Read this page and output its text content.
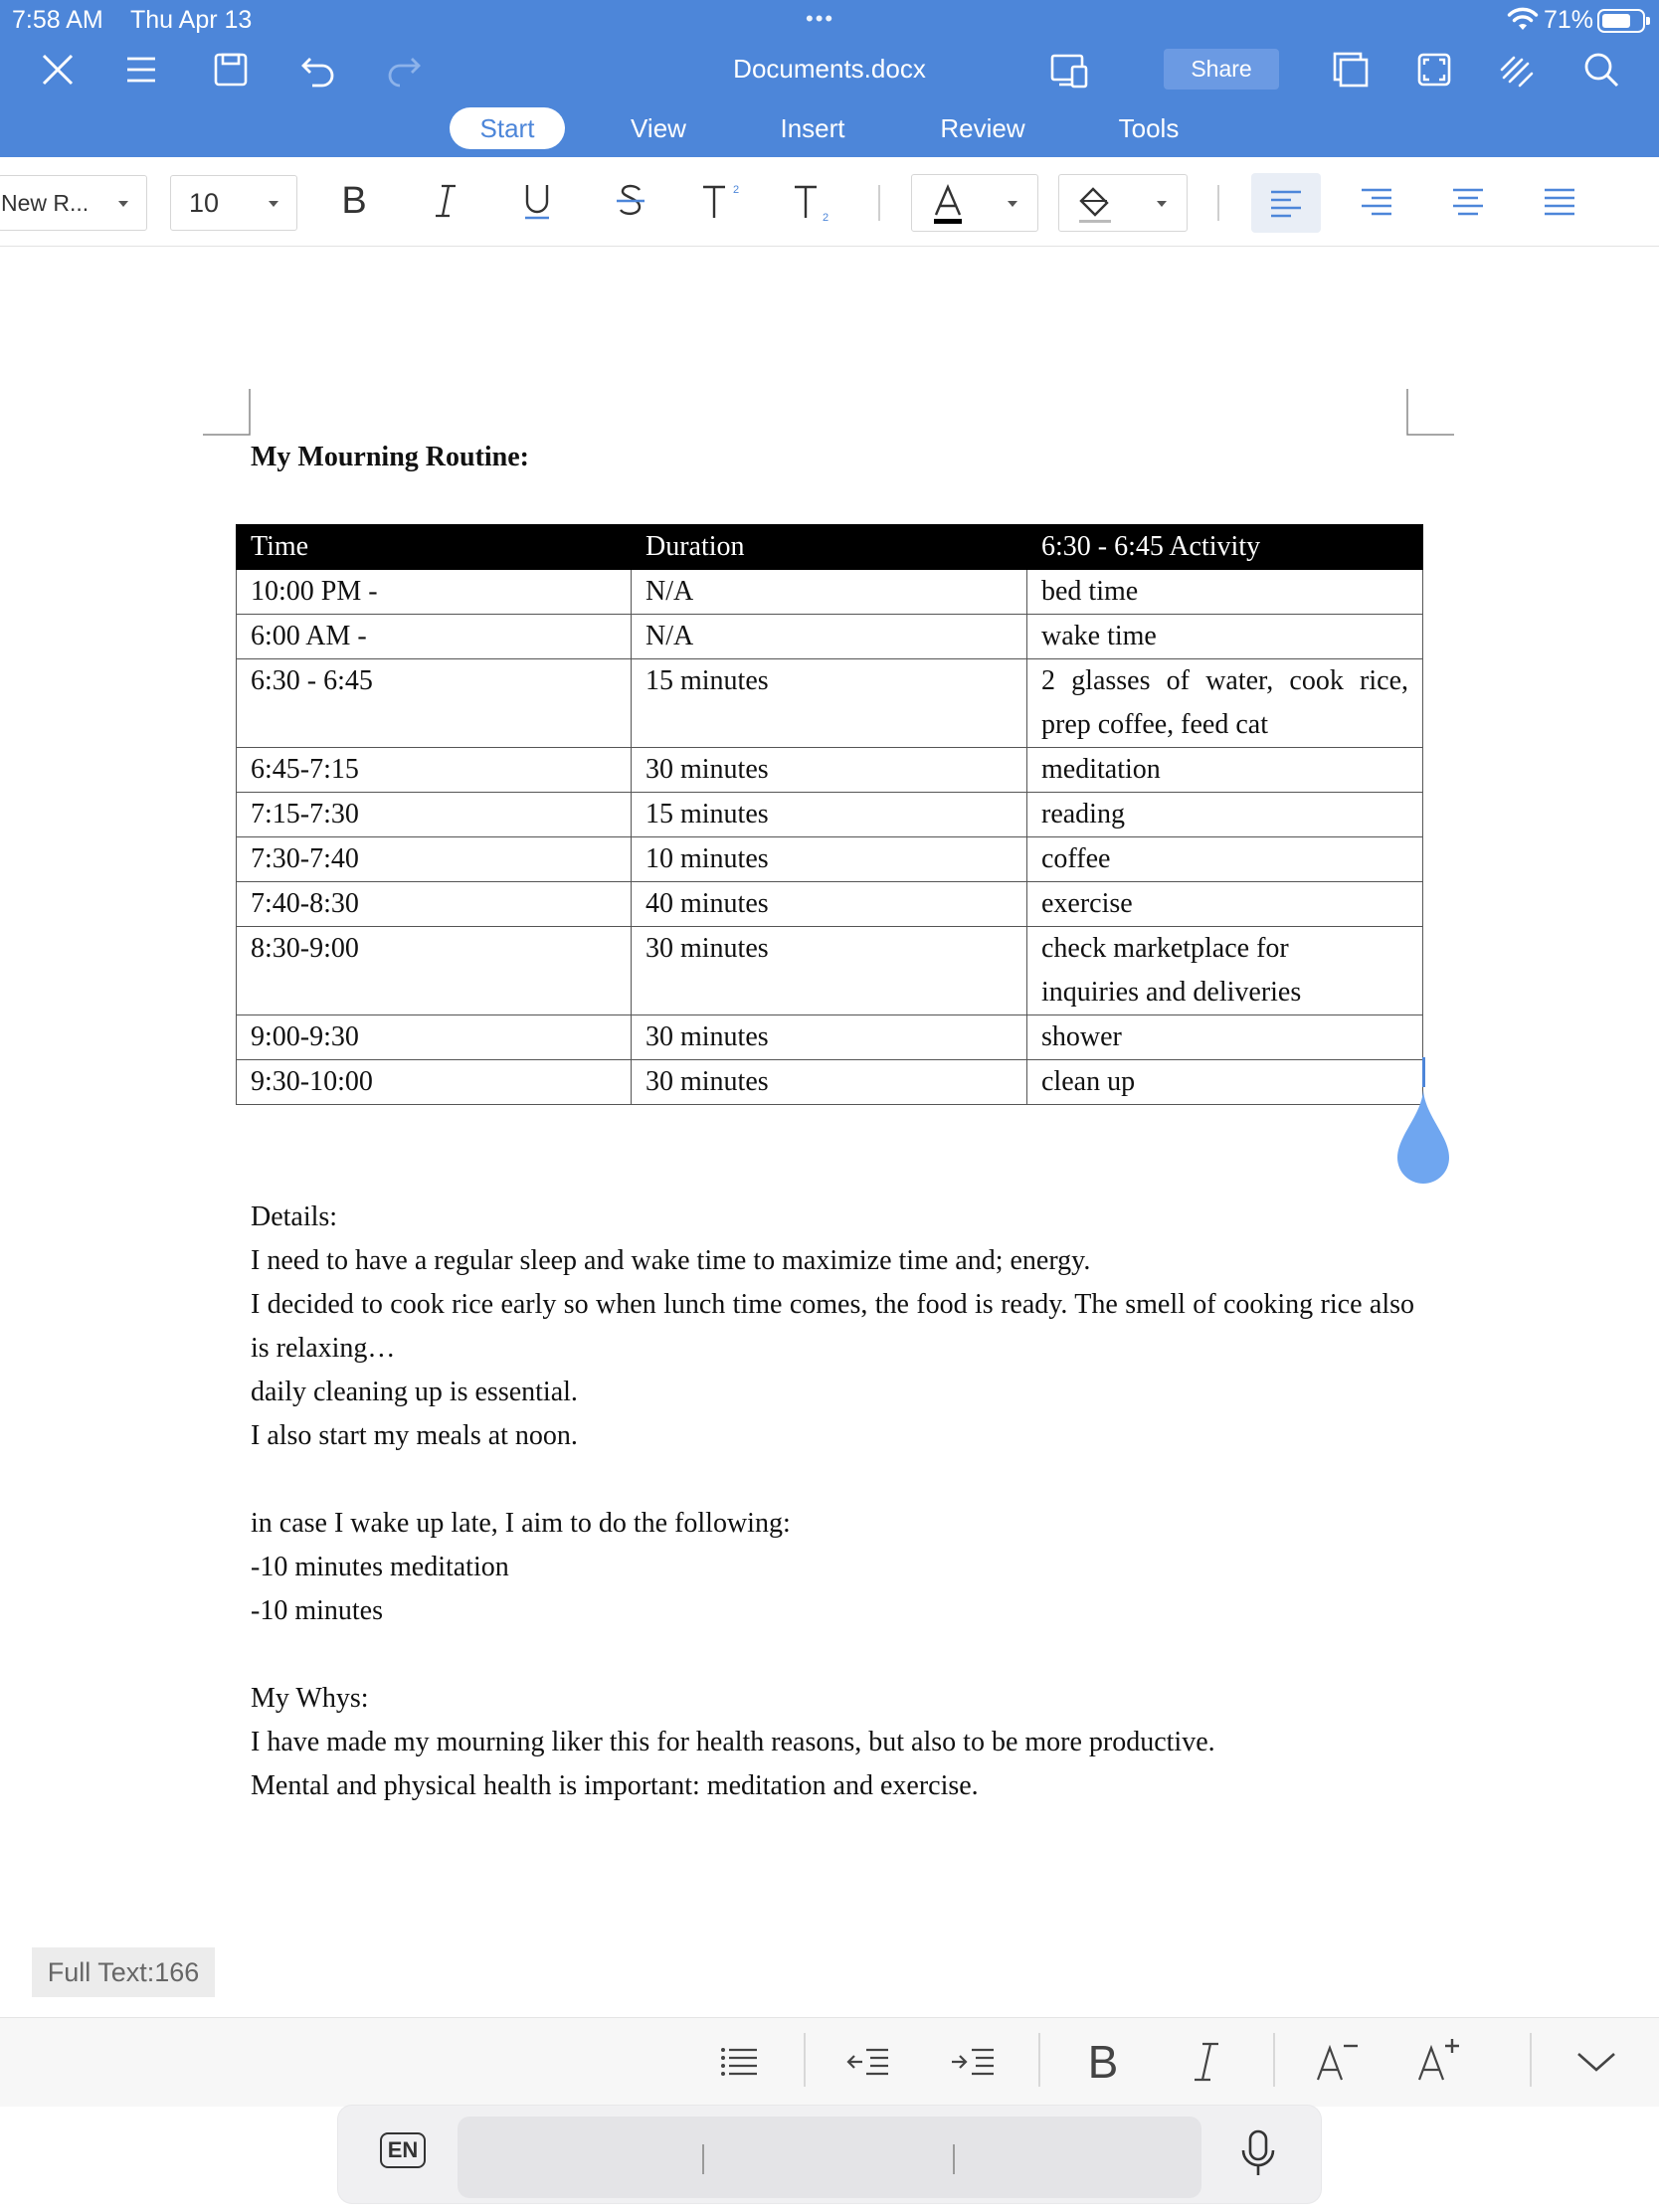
7:58 AM Thu Apr 13	•••	71%
Documents.docx	Share
Start	View	Insert	Review	Tools
New R...	10	B	2
2
My Mourning Routine:
Time	Duration	6:30 - 6:45 Activity
10:00 PM -	N/A	bed time
6:00 AM -	N/A	wake time
6:30 - 6:45	15 minutes	2 glasses of water, cook rice,
prep coffee, feed cat

6:45-7:15	30 minutes	meditation
7:15-7:30	15 minutes	reading
7:30-7:40	10 minutes	coffee
7:40-8:30	40 minutes	exercise
8:30-9:00	30 minutes	check marketplace for
inquiries and deliveries

9:00-9:30	30 minutes	shower
9:30-10:00	30 minutes	clean up

Details:

I need to have a regular sleep and wake time to maximize time and; energy.

I decided to cook rice early so when lunch time comes, the food is ready. The smell of cooking rice also is relaxing…

daily cleaning up is essential.

I also start my meals at noon.

in case I wake up late, I aim to do the following:

-10 minutes meditation

-10 minutes

My Whys:

I have made my mourning liker this for health reasons, but also to be more productive.

Mental and physical health is important: meditation and exercise.

Full Text:166
B
EN
